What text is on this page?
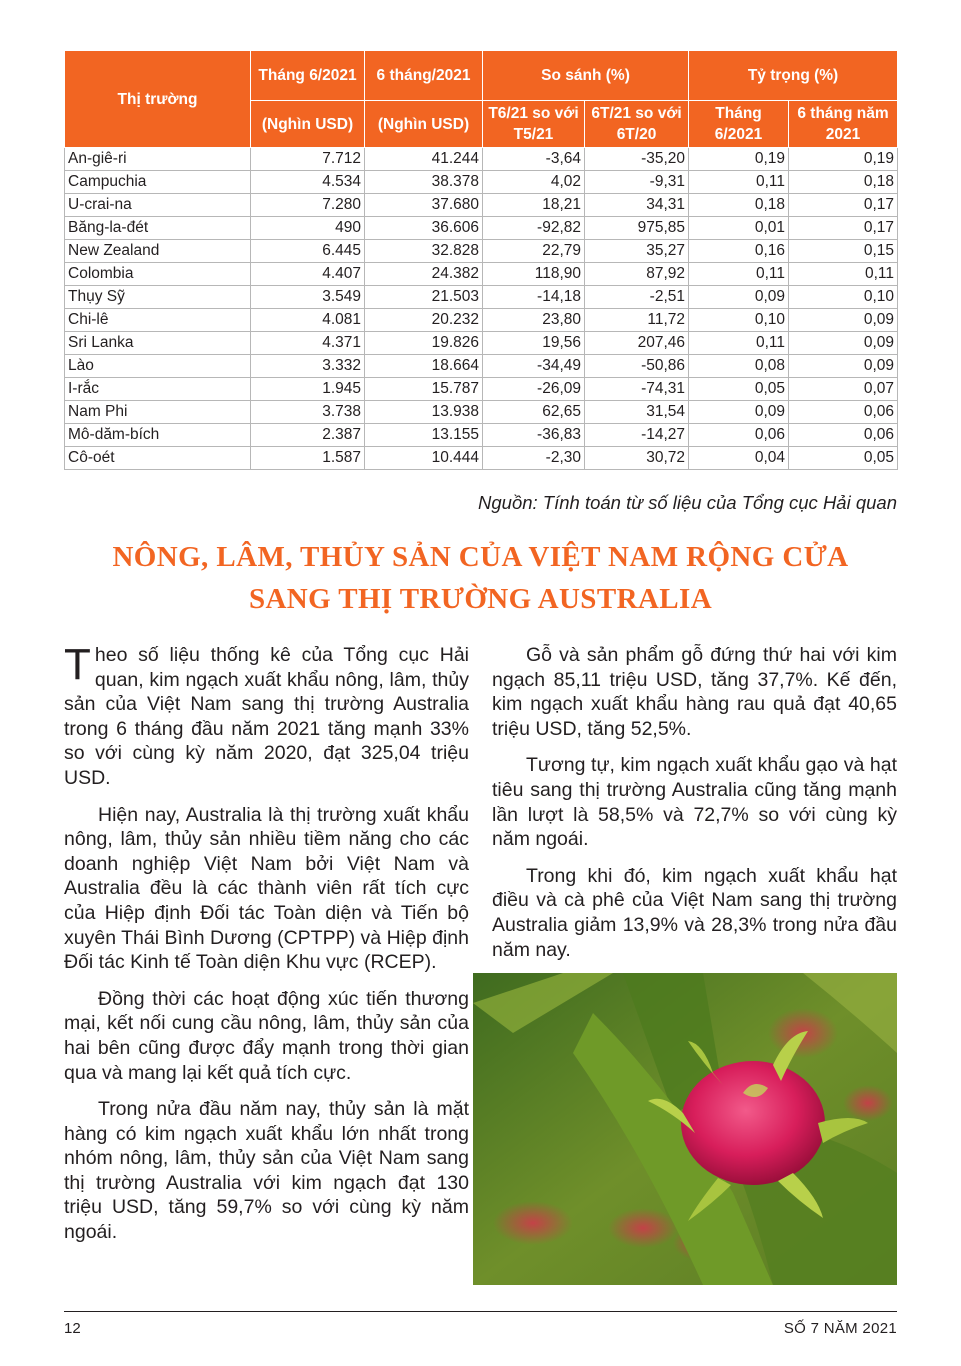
Thị trường	Tháng 6/2021	6 tháng/2021	So sánh (%)		Tỷ trọng (%)	
	(Nghìn USD)	(Nghìn USD)	T6/21 so với T5/21	6T/21 so với 6T/20	Tháng 6/2021	6 tháng năm 2021
An-giê-ri	7.712	41.244	-3,64	-35,20	0,19	0,19
Campuchia	4.534	38.378	4,02	-9,31	0,11	0,18
U-crai-na	7.280	37.680	18,21	34,31	0,18	0,17
Băng-la-đét	490	36.606	-92,82	975,85	0,01	0,17
New Zealand	6.445	32.828	22,79	35,27	0,16	0,15
Colombia	4.407	24.382	118,90	87,92	0,11	0,11
Thụy Sỹ	3.549	21.503	-14,18	-2,51	0,09	0,10
Chi-lê	4.081	20.232	23,80	11,72	0,10	0,09
Sri Lanka	4.371	19.826	19,56	207,46	0,11	0,09
Lào	3.332	18.664	-34,49	-50,86	0,08	0,09
I-rắc	1.945	15.787	-26,09	-74,31	0,05	0,07
Nam Phi	3.738	13.938	62,65	31,54	0,09	0,06
Mô-dăm-bích	2.387	13.155	-36,83	-14,27	0,06	0,06
Cô-oét	1.587	10.444	-2,30	30,72	0,04	0,05
Nguồn: Tính toán từ số liệu của Tổng cục Hải quan
NÔNG, LÂM, THỦY SẢN CỦA VIỆT NAM RỘNG CỬA
SANG THỊ TRƯỜNG AUSTRALIA

Theo số liệu thống kê của Tổng cục Hải quan, kim ngạch xuất khẩu nông, lâm, thủy sản của Việt Nam sang thị trường Australia trong 6 tháng đầu năm 2021 tăng mạnh 33% so với cùng kỳ năm 2020, đạt 325,04 triệu USD.

Hiện nay, Australia là thị trường xuất khẩu nông, lâm, thủy sản nhiều tiềm năng cho các doanh nghiệp Việt Nam bởi Việt Nam và Australia đều là các thành viên rất tích cực của Hiệp định Đối tác Toàn diện và Tiến bộ xuyên Thái Bình Dương (CPTPP) và Hiệp định Đối tác Kinh tế Toàn diện Khu vực (RCEP).

Đồng thời các hoạt động xúc tiến thương mại, kết nối cung cầu nông, lâm, thủy sản của hai bên cũng được đẩy mạnh trong thời gian qua và mang lại kết quả tích cực.

Trong nửa đầu năm nay, thủy sản là mặt hàng có kim ngạch xuất khẩu lớn nhất trong nhóm nông, lâm, thủy sản của Việt Nam sang thị trường Australia với kim ngạch đạt 130 triệu USD, tăng 59,7% so với cùng kỳ năm ngoái.

Gỗ và sản phẩm gỗ đứng thứ hai với kim ngạch 85,11 triệu USD, tăng 37,7%. Kế đến, kim ngạch xuất khẩu hàng rau quả đạt 40,65 triệu USD, tăng 52,5%.

Tương tự, kim ngạch xuất khẩu gạo và hạt tiêu sang thị trường Australia cũng tăng mạnh lần lượt là 58,5% và 72,7% so với cùng kỳ năm ngoái.

Trong khi đó, kim ngạch xuất khẩu hạt điều và cà phê của Việt Nam sang thị trường Australia giảm 13,9% và 28,3% trong nửa đầu năm nay.

12	SỐ 7 NĂM 2021
